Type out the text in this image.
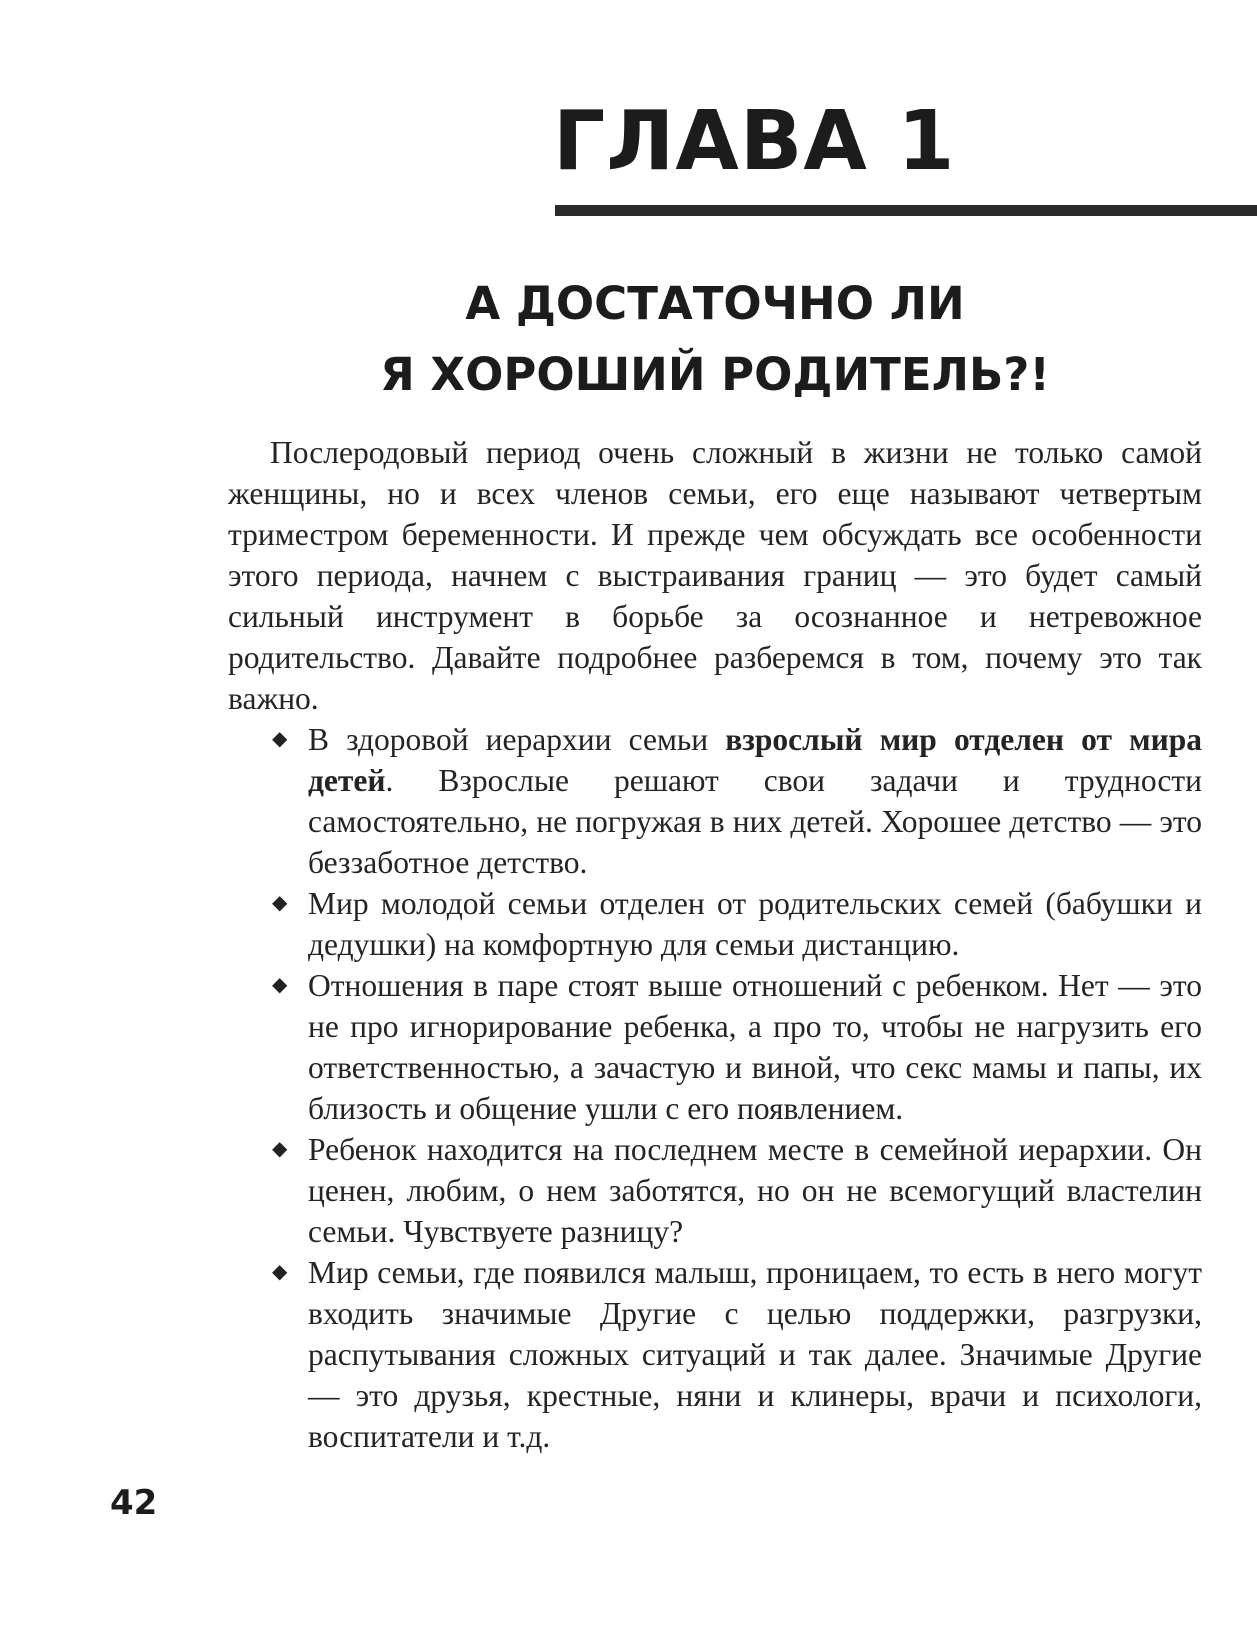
ГЛАВА 1
А ДОСТАТОЧНО ЛИ
Я ХОРОШИЙ РОДИТЕЛЬ?!

Послеродовый период очень сложный в жизни не только самой женщины, но и всех членов семьи, его еще называют четвертым триместром беременности. И прежде чем обсуждать все особенности этого периода, начнем с выстраивания границ — это будет самый сильный инструмент в борьбе за осознанное и нетревожное родительство. Давайте подробнее разберемся в том, почему это так важно.

◆ В здоровой иерархии семьи взрослый мир отделен от мира детей. Взрослые решают свои задачи и трудности самостоятельно, не погружая в них детей. Хорошее детство — это беззаботное детство.
◆ Мир молодой семьи отделен от родительских семей (бабушки и дедушки) на комфортную для семьи дистанцию.
◆ Отношения в паре стоят выше отношений с ребенком. Нет — это не про игнорирование ребенка, а про то, чтобы не нагрузить его ответственностью, а зачастую и виной, что секс мамы и папы, их близость и общение ушли с его появлением.
◆ Ребенок находится на последнем месте в семейной иерархии. Он ценен, любим, о нем заботятся, но он не всемогущий властелин семьи. Чувствуете разницу?
◆ Мир семьи, где появился малыш, проницаем, то есть в него могут входить значимые Другие с целью поддержки, разгрузки, распутывания сложных ситуаций и так далее. Значимые Другие — это друзья, крестные, няни и клинеры, врачи и психологи, воспитатели и т.д.
42
